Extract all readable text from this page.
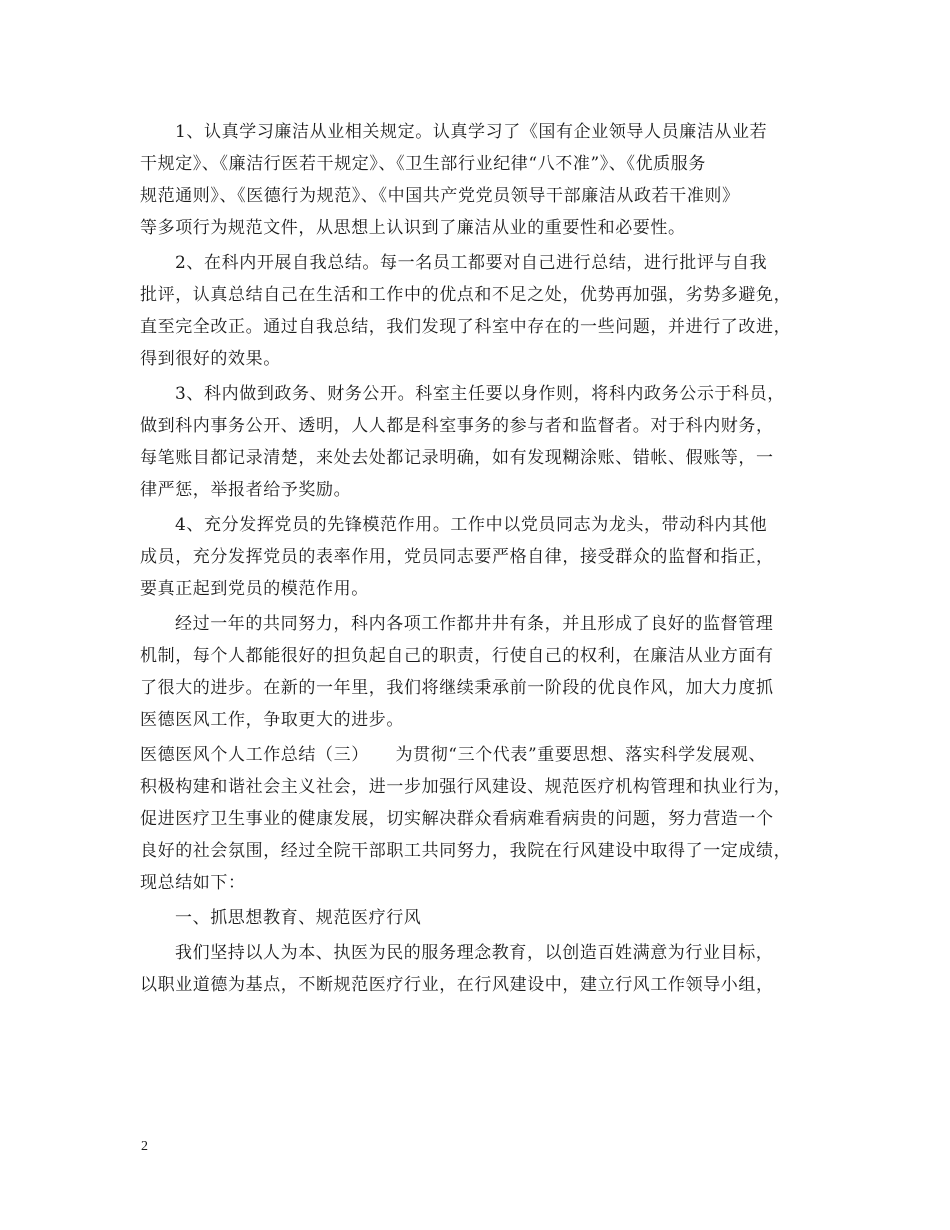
1、认真学习廉洁从业相关规定。认真学习了《国有企业领导人员廉洁从业若
干规定》、《廉洁行医若干规定》、《卫生部行业纪律“八不准”》、《优质服务
规范通则》、《医德行为规范》、《中国共产党党员领导干部廉洁从政若干准则》
等多项行为规范文件，从思想上认识到了廉洁从业的重要性和必要性。
2、在科内开展自我总结。每一名员工都要对自己进行总结，进行批评与自我
批评，认真总结自己在生活和工作中的优点和不足之处，优势再加强，劣势多避免，
直至完全改正。通过自我总结，我们发现了科室中存在的一些问题，并进行了改进，
得到很好的效果。
3、科内做到政务、财务公开。科室主任要以身作则，将科内政务公示于科员，
做到科内事务公开、透明，人人都是科室事务的参与者和监督者。对于科内财务，
每笔账目都记录清楚，来处去处都记录明确，如有发现糊涂账、错帐、假账等，一
律严惩，举报者给予奖励。
4、充分发挥党员的先锋模范作用。工作中以党员同志为龙头，带动科内其他
成员，充分发挥党员的表率作用，党员同志要严格自律，接受群众的监督和指正，
要真正起到党员的模范作用。
经过一年的共同努力，科内各项工作都井井有条，并且形成了良好的监督管理
机制，每个人都能很好的担负起自己的职责，行使自己的权利，在廉洁从业方面有
了很大的进步。在新的一年里，我们将继续秉承前一阶段的优良作风，加大力度抓
医德医风工作，争取更大的进步。
医德医风个人工作总结（三）　　为贯彻“三个代表”重要思想、落实科学发展观、
积极构建和谐社会主义社会，进一步加强行风建设、规范医疗机构管理和执业行为，
促进医疗卫生事业的健康发展，切实解决群众看病难看病贵的问题，努力营造一个
良好的社会氛围，经过全院干部职工共同努力，我院在行风建设中取得了一定成绩，
现总结如下：
一、抓思想教育、规范医疗行风
我们坚持以人为本、执医为民的服务理念教育，以创造百姓满意为行业目标，
以职业道德为基点，不断规范医疗行业，在行风建设中，建立行风工作领导小组，
2
